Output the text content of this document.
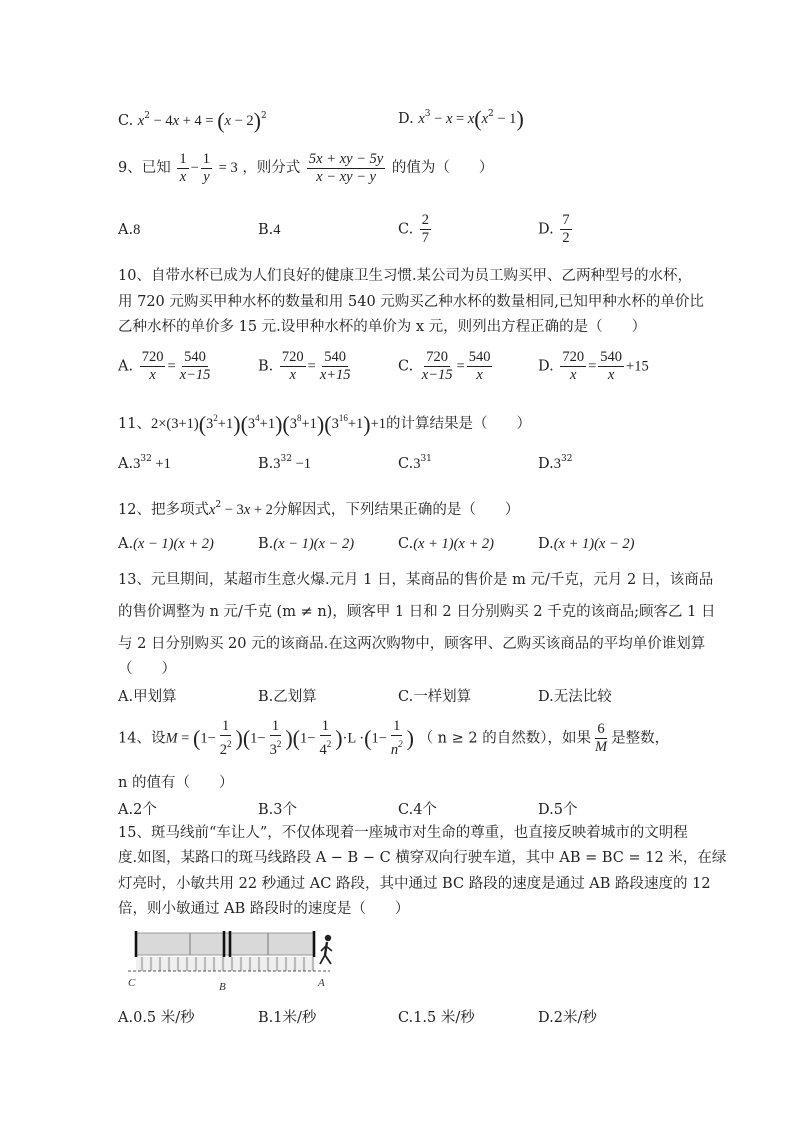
C. $x^2 - 4x + 4 = (x - 2)^2$	D. $x^3 - x = x(x^2 - 1)$
9、已知 $\frac{1}{x} - \frac{1}{y} = 3$ ，则分式 $\frac{5x + xy - 5y}{x - xy - y}$ 的值为（　　）
A.8	B.4	C. $\frac{2}{7}$	D. $\frac{7}{2}$
10、自带水杯已成为人们良好的健康卫生习惯.某公司为员工购买甲、乙两种型号的水杯，
用 720 元购买甲种水杯的数量和用 540 元购买乙种水杯的数量相同,已知甲种水杯的单价比
乙种水杯的单价多 15 元.设甲种水杯的单价为 x 元，则列出方程正确的是（　　）
A. $\frac{720}{x} = \frac{540}{x-15}$	B. $\frac{720}{x} = \frac{540}{x+15}$	C. $\frac{720}{x-15} = \frac{540}{x}$	D. $\frac{720}{x} = \frac{540}{x} +15$
11、$2\times(3+1)(3^2+1)(3^4+1)(3^8+1)(3^{16}+1)+1$的计算结果是（　　）
$A.3^{32} +1$	$B.3^{32} -1$	$C.3^{31}$	$D.3^{32}$
12、把多项式$x^2 - 3x + 2$分解因式，下列结果正确的是（　　）
A.(x − 1)(x + 2)	B.(x − 1)(x − 2)	C.(x + 1)(x + 2)	D.(x + 1)(x − 2)
13、元旦期间，某超市生意火爆.元月 1 日，某商品的售价是 m 元/千克，元月 2 日，该商品
的售价调整为 n 元/千克 (m ≠ n)，顾客甲 1 日和 2 日分别购买 2 千克的该商品;顾客乙 1 日
与 2 日分别购买 20 元的该商品.在这两次购物中，顾客甲、乙购买该商品的平均单价谁划算
（　　）
A.甲划算	B.乙划算	C.一样划算	D.无法比较
14、设$M = (1- \frac{1}{2^2} )(1- \frac{1}{3^2} )(1- \frac{1}{4^2} )\cdot L \cdot(1- \frac{1}{n^2}$ ) （ n ≥ 2 的自然数），如果 $\frac{6}{M}$ 是整数，
n 的值有（　　）
A.2个	B.3个	C.4个	D.5个
15、斑马线前“车让人”，不仅体现着一座城市对生命的尊重，也直接反映着城市的文明程
度.如图，某路口的斑马线路段 A − B − C 横穿双向行驶车道，其中 AB = BC = 12 米，在绿
灯亮时，小敏共用 22 秒通过 AC 路段，其中通过 BC 路段的速度是通过 AB 路段速度的 12
倍，则小敏通过 AB 路段时的速度是（　　）
C	B	A
A.0.5 米/秒	B.1米/秒	C.1.5 米/秒	D.2米/秒
